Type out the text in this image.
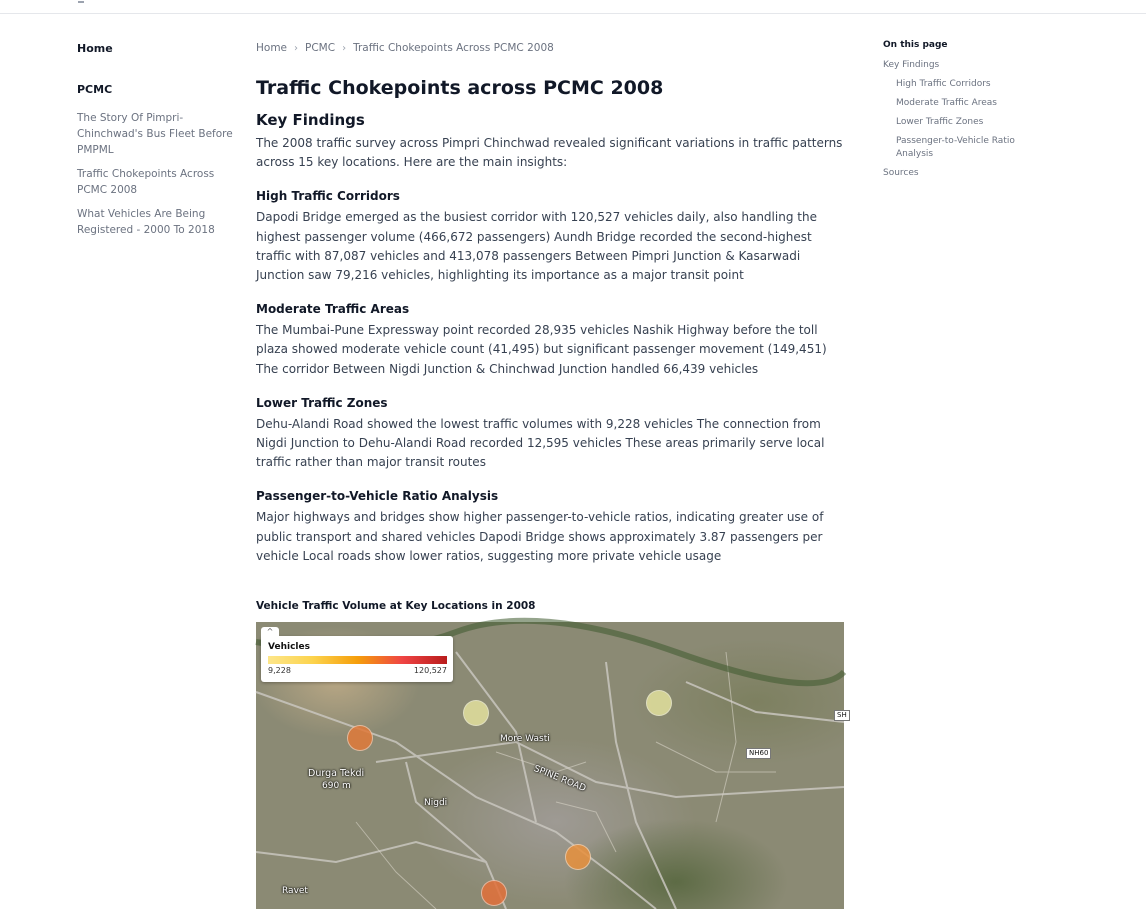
Home
PCMC
The Story Of Pimpri-Chinchwad's Bus Fleet Before PMPML
Traffic Chokepoints Across PCMC 2008
What Vehicles Are Being Registered - 2000 To 2018
Home › PCMC › Traffic Chokepoints Across PCMC 2008
Traffic Chokepoints across PCMC 2008
Key Findings

The 2008 traffic survey across Pimpri Chinchwad revealed significant variations in traffic patterns across 15 key locations. Here are the main insights:

High Traffic Corridors

Dapodi Bridge emerged as the busiest corridor with 120,527 vehicles daily, also handling the highest passenger volume (466,672 passengers) Aundh Bridge recorded the second-highest traffic with 87,087 vehicles and 413,078 passengers Between Pimpri Junction & Kasarwadi Junction saw 79,216 vehicles, highlighting its importance as a major transit point

Moderate Traffic Areas

The Mumbai-Pune Expressway point recorded 28,935 vehicles Nashik Highway before the toll plaza showed moderate vehicle count (41,495) but significant passenger movement (149,451) The corridor Between Nigdi Junction & Chinchwad Junction handled 66,439 vehicles

Lower Traffic Zones

Dehu-Alandi Road showed the lowest traffic volumes with 9,228 vehicles The connection from Nigdi Junction to Dehu-Alandi Road recorded 12,595 vehicles These areas primarily serve local traffic rather than major transit routes

Passenger-to-Vehicle Ratio Analysis

Major highways and bridges show higher passenger-to-vehicle ratios, indicating greater use of public transport and shared vehicles Dapodi Bridge shows approximately 3.87 passengers per vehicle Local roads show lower ratios, suggesting more private vehicle usage

Vehicle Traffic Volume at Key Locations in 2008
More Wasti
Durga Tekdi
690 m	SPINE ROAD
Nigdi
Ravet
NH60
SH
Vehicles
9,228	120,527
^
On this page
Key Findings
High Traffic Corridors
Moderate Traffic Areas
Lower Traffic Zones
Passenger-to-Vehicle Ratio Analysis
Sources
